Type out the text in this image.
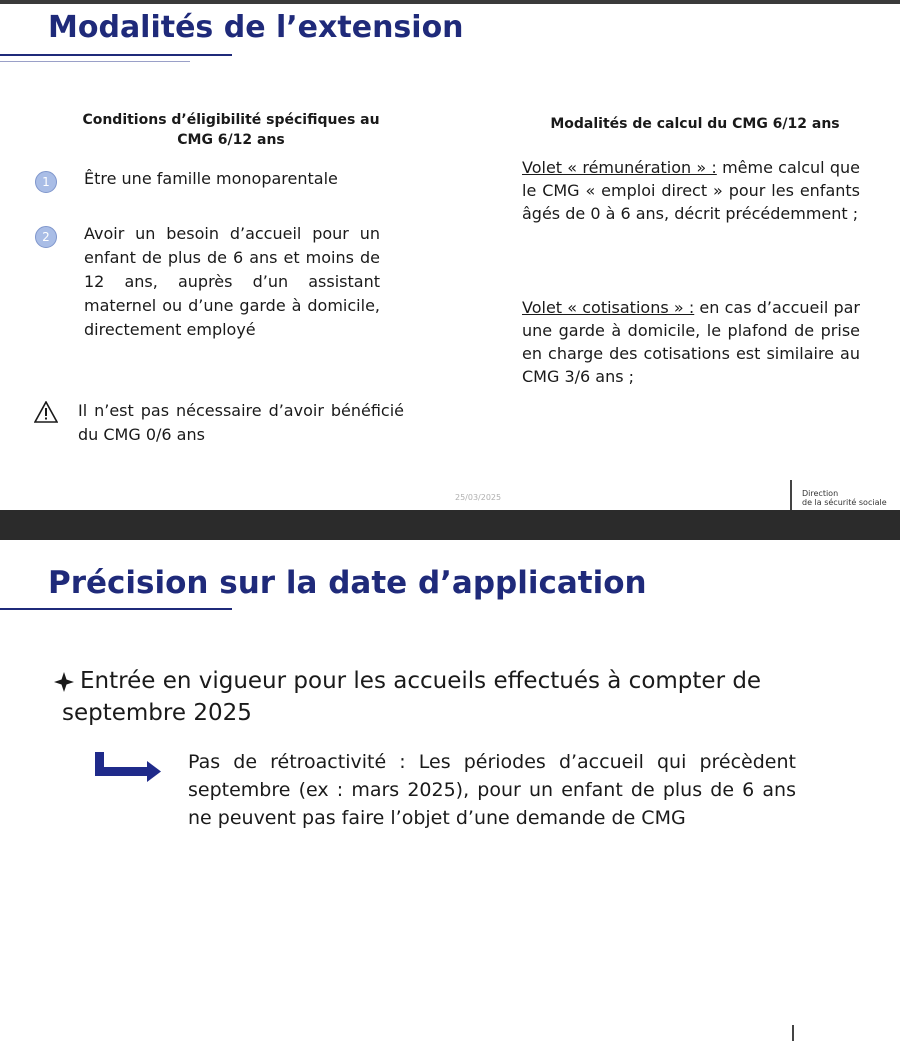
Modalités de l’extension
Conditions d’éligibilité spécifiques au CMG 6/12 ans
1	Être une famille monoparentale
2	Avoir un besoin d’accueil pour un enfant de plus de 6 ans et moins de 12 ans, auprès d’un assistant maternel ou d’une garde à domicile, directement employé
Il n’est pas nécessaire d’avoir bénéficié du CMG 0/6 ans
Modalités de calcul du CMG 6/12 ans
Volet « rémunération » : même calcul que le CMG « emploi direct » pour les enfants âgés de 0 à 6 ans, décrit précédemment ;
Volet « cotisations » : en cas d’accueil par une garde à domicile, le plafond de prise en charge des cotisations est similaire au CMG 3/6 ans ;
25/03/2025	Direction
de la sécurité sociale
Précision sur la date d’application
Entrée en vigueur pour les accueils effectués à compter de septembre 2025
Pas de rétroactivité : Les périodes d’accueil qui précèdent septembre (ex : mars 2025), pour un enfant de plus de 6 ans ne peuvent pas faire l’objet d’une demande de CMG
